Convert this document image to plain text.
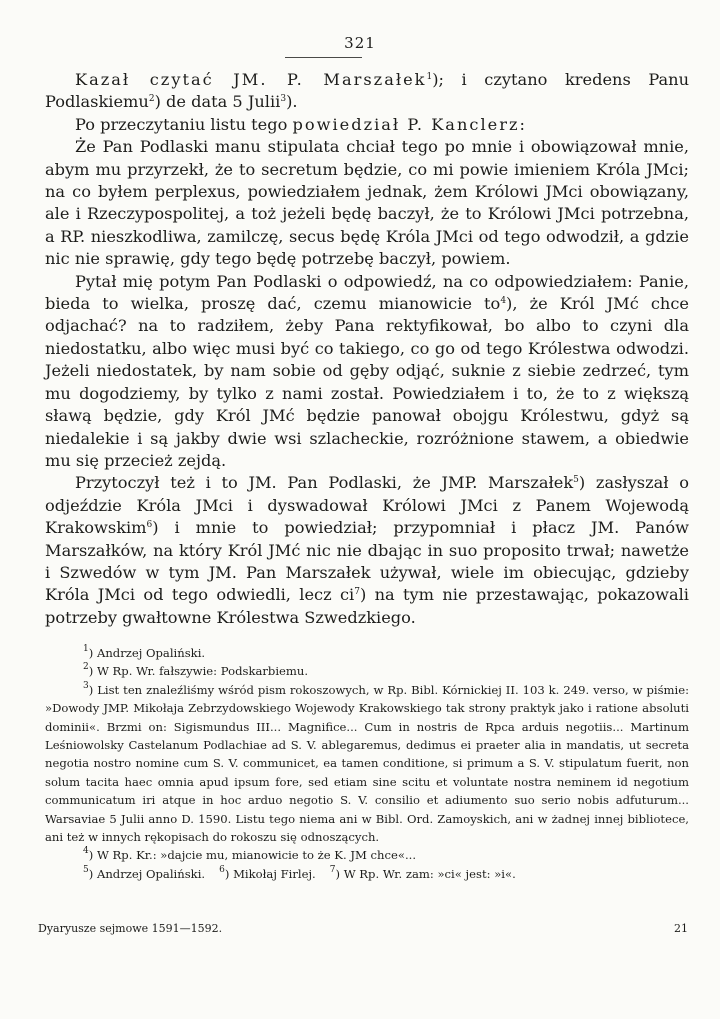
321

Kazał czytać JM. P. Marszałek$^1$); i czytano kredens Panu Podlaskiemu$^2$) de data 5 Julii$^3$).

Po przeczytaniu listu tego powiedział P. Kanclerz:

Że Pan Podlaski manu stipulata chciał tego po mnie i obowiązował mnie, abym mu przyrzekł, że to secretum będzie, co mi powie imieniem Króla JMci; na co byłem perplexus, powiedziałem jednak, żem Królowi JMci obowiązany, ale i Rzeczypospolitej, a toż jeżeli będę baczył, że to Królowi JMci potrzebna, a RP. nieszkodliwa, zamilczę, secus będę Króla JMci od tego odwodził, a gdzie nic nie sprawię, gdy tego będę potrzebę baczył, powiem.

Pytał mię potym Pan Podlaski o odpowiedź, na co odpowiedziałem: Panie, bieda to wielka, proszę dać, czemu mianowicie $to^4$), że Król JMć chce odjachać? na to radziłem, żeby Pana rektyfikował, bo albo to czyni dla niedostatku, albo więc musi być co takiego, co go od tego Królestwa odwodzi. Jeżeli niedostatek, by nam sobie od gęby odjąć, suknie z siebie zedrzeć, tym mu dogodziemy, by tylko z nami został. Powiedziałem i to, że to z większą sławą będzie, gdy Król JMć będzie panował obojgu Królestwu, gdyż są niedalekie i są jakby dwie wsi szlacheckie, rozróżnione stawem, a obiedwie mu się przecież zejdą.

Przytoczył też i to JM. Pan Podlaski, że JMP. Marszałek$^5$) zasłyszał o odjeździe Króla JMci i dyswadował Królowi JMci z Panem Wojewodą Krakowskim$^6$) i mnie to powiedział; przypomniał i płacz JM. Panów Marszałków, na który Król JMć nic nie dbając in suo proposito trwał; nawetże i Szwedów w tym JM. Pan Marszałek używał, wiele im obiecując, gdzieby Króla JMci od tego odwiedli, lecz $ci^7$) na tym nie przestawając, pokazowali potrzeby gwałtowne Królestwa Szwedzkiego.

$^1$) Andrzej Opaliński.

$^2$) W Rp. Wr. fałszywie: Podskarbiemu.

$^3$) List ten znaleźliśmy wśród pism rokoszowych, w Rp. Bibl. Kórnickiej II. 103 k. 249. verso, w piśmie: »Dowody JMP. Mikołaja Zebrzydowskiego Wojewody Krakowskiego tak strony praktyk jako i ratione absoluti dominii«. Brzmi on: Sigismundus III... Magnifice... Cum in nostris de Rpca arduis negotiis... Martinum Leśniowolsky Castelanum Podlachiae ad S. V. ablegaremus, dedimus ei praeter alia in mandatis, ut secreta negotia nostro nomine cum S. V. communicet, ea tamen conditione, si primum a S. V. stipulatum fuerit, non solum tacita haec omnia apud ipsum fore, sed etiam sine scitu et voluntate nostra neminem id negotium communicatum iri atque in hoc arduo negotio S. V. consilio et adiumento suo serio nobis adfuturum... Warsaviae 5 Julii anno D. 1590. Listu tego niema ani w Bibl. Ord. Zamoyskich, ani w żadnej innej bibliotece, ani też w innych rękopisach do rokoszu się odnoszących.

$^4$) W Rp. Kr.: »dajcie mu, mianowicie to że K. JM chce«...

$^5$) Andrzej Opaliński. $^6$) Mikołaj Firlej. $^7$) W Rp. Wr. zam: »ci« jest: »i«.
Dyaryusze sejmowe 1591—1592.	21
